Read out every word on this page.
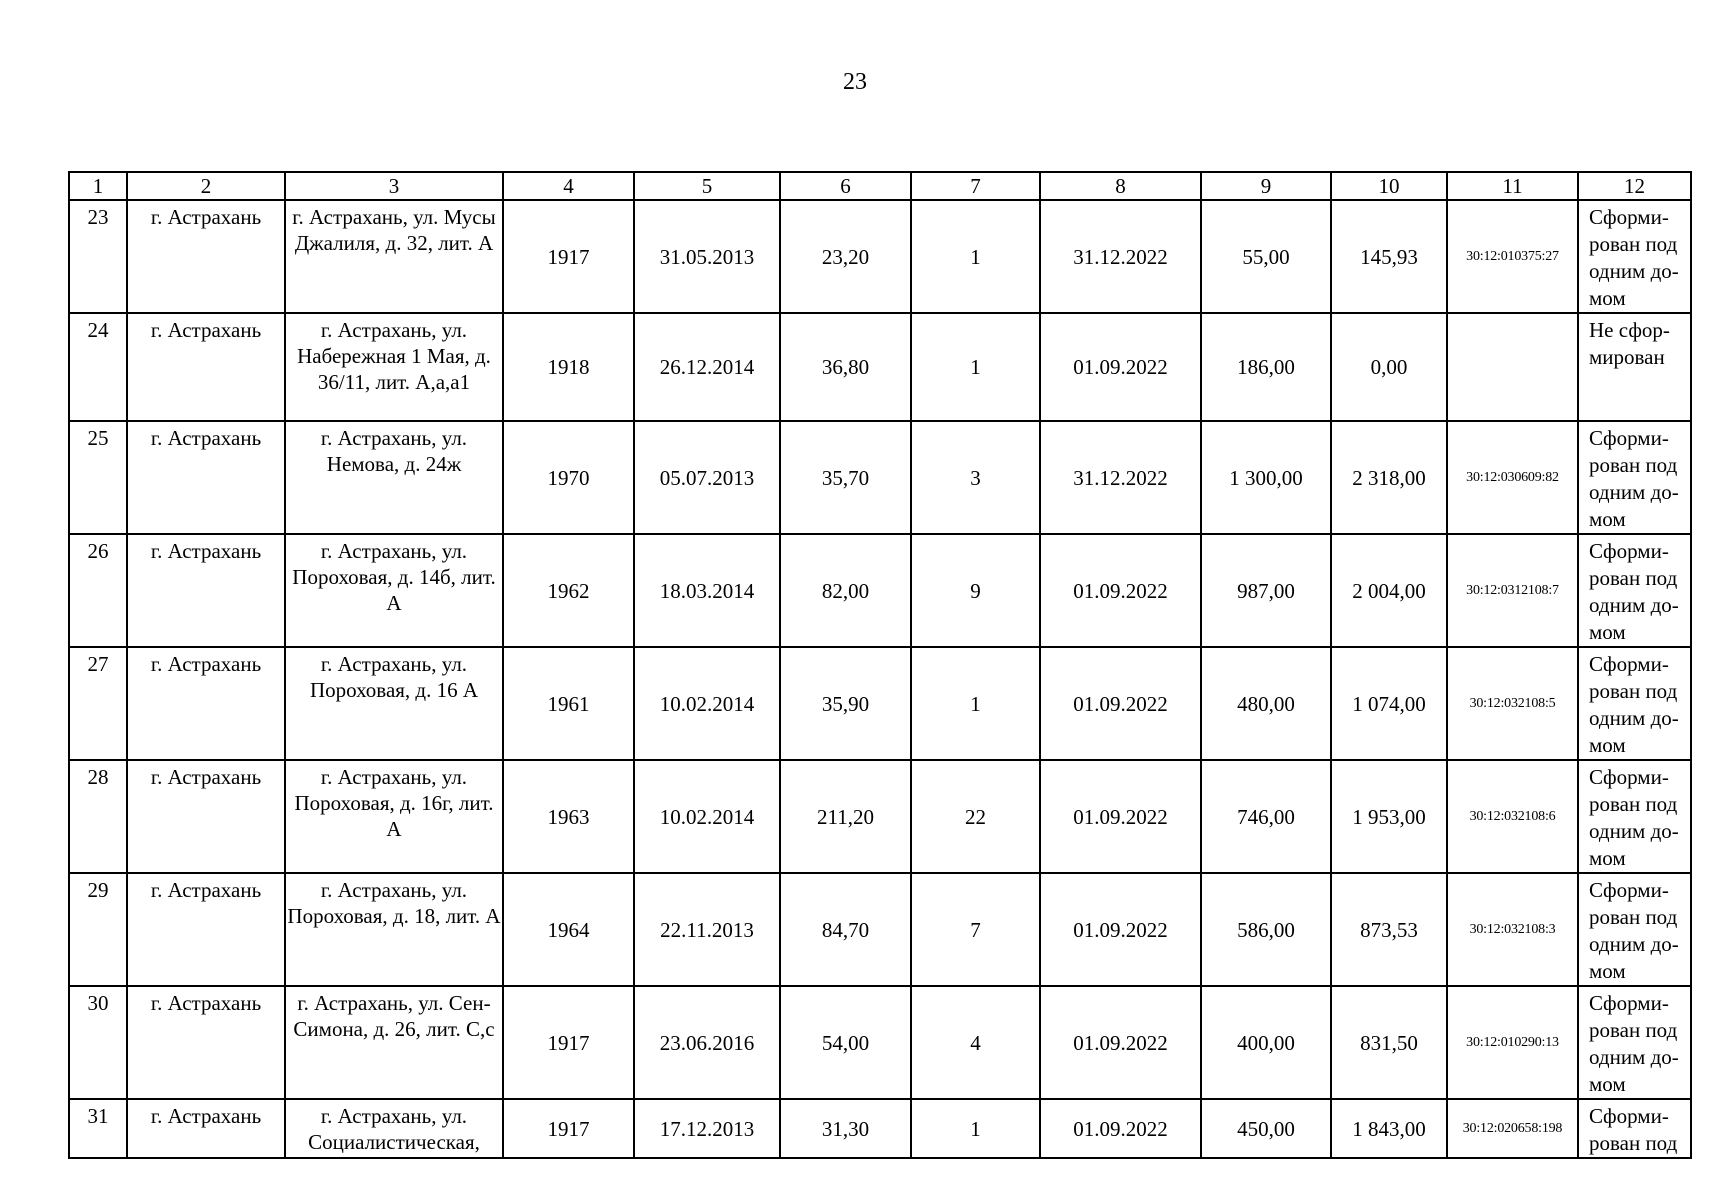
23
1	2	3	4	5	6	7	8	9	10	11	12
23	г. Астрахань	г. Астрахань, ул. Мусы Джалиля, д. 32, лит. А	1917	31.05.2013	23,20	1	31.12.2022	55,00	145,93	30:12:010375:27	Сформи-рован под одним до-мом
24	г. Астрахань	г. Астрахань, ул. Набережная 1 Мая, д. 36/11, лит. А,а,а1	1918	26.12.2014	36,80	1	01.09.2022	186,00	0,00		Не сфор-мирован
25	г. Астрахань	г. Астрахань, ул. Немова, д. 24ж	1970	05.07.2013	35,70	3	31.12.2022	1 300,00	2 318,00	30:12:030609:82	Сформи-рован под одним до-мом
26	г. Астрахань	г. Астрахань, ул. Пороховая, д. 14б, лит. А	1962	18.03.2014	82,00	9	01.09.2022	987,00	2 004,00	30:12:0312108:7	Сформи-рован под одним до-мом
27	г. Астрахань	г. Астрахань, ул. Пороховая, д. 16 А	1961	10.02.2014	35,90	1	01.09.2022	480,00	1 074,00	30:12:032108:5	Сформи-рован под одним до-мом
28	г. Астрахань	г. Астрахань, ул. Пороховая, д. 16г, лит. А	1963	10.02.2014	211,20	22	01.09.2022	746,00	1 953,00	30:12:032108:6	Сформи-рован под одним до-мом
29	г. Астрахань	г. Астрахань, ул. Пороховая, д. 18, лит. А	1964	22.11.2013	84,70	7	01.09.2022	586,00	873,53	30:12:032108:3	Сформи-рован под одним до-мом
30	г. Астрахань	г. Астрахань, ул. Сен-Симона, д. 26, лит. С,с	1917	23.06.2016	54,00	4	01.09.2022	400,00	831,50	30:12:010290:13	Сформи-рован под одним до-мом
31	г. Астрахань	г. Астрахань, ул. Социалистическая,	1917	17.12.2013	31,30	1	01.09.2022	450,00	1 843,00	30:12:020658:198	Сформи-рован под
